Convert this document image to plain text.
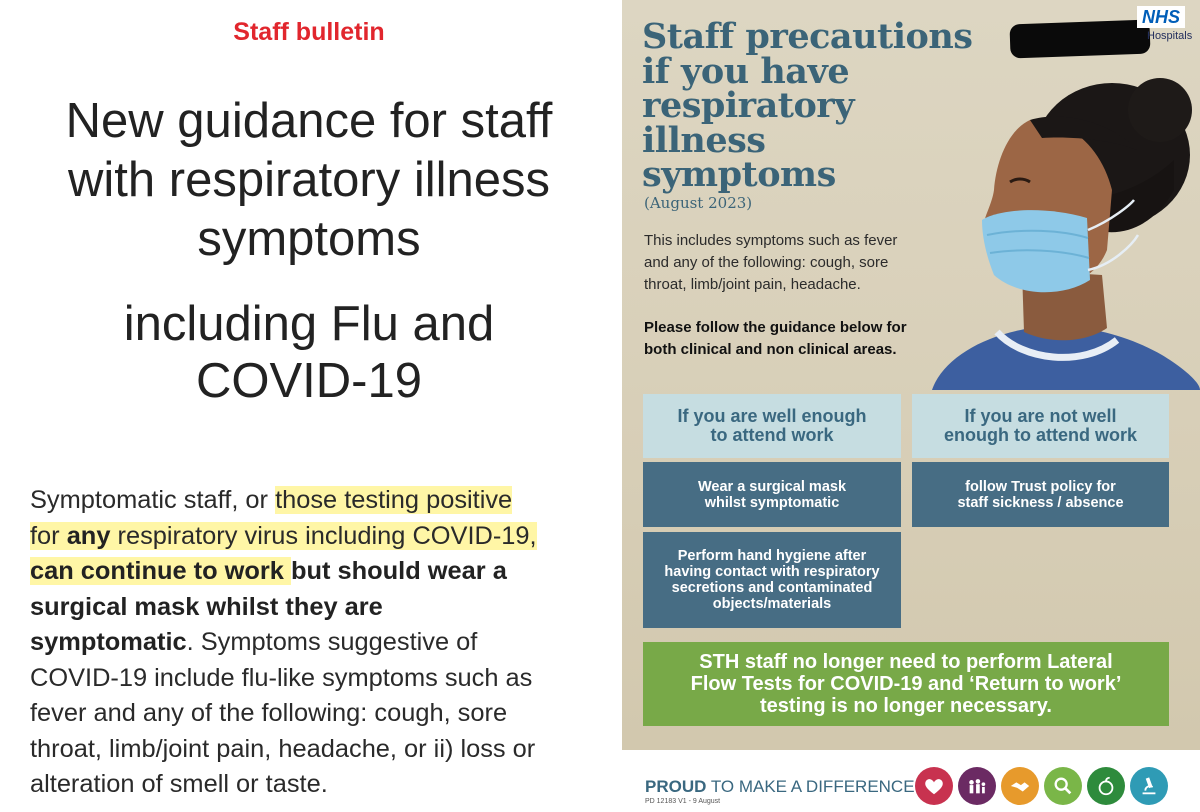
Staff bulletin
New guidance for staff
with respiratory illness
symptoms
including Flu and
COVID-19
Symptomatic staff, or those testing positive
for any respiratory virus including COVID-19,
can continue to work but should wear a
surgical mask whilst they are
symptomatic. Symptoms suggestive of
COVID-19 include flu-like symptoms such as
fever and any of the following: cough, sore
throat, limb/joint pain, headache, or ii) loss or
alteration of smell or taste.
NHS
Hospitals
Staff precautions
if you have
respiratory
illness
symptoms
(August 2023)
This includes symptoms such as fever
and any of the following: cough, sore
throat, limb/joint pain, headache.
Please follow the guidance below for
both clinical and non clinical areas.
If you are well enough
to attend work
If you are not well
enough to attend work
Wear a surgical mask
whilst symptomatic
follow Trust policy for
staff sickness / absence
Perform hand hygiene after
having contact with respiratory
secretions and contaminated
objects/materials
STH staff no longer need to perform Lateral
Flow Tests for COVID-19 and ‘Return to work’
testing is no longer necessary.
PROUD TO MAKE A DIFFERENCE
PD 12183 V1 - 9 August
